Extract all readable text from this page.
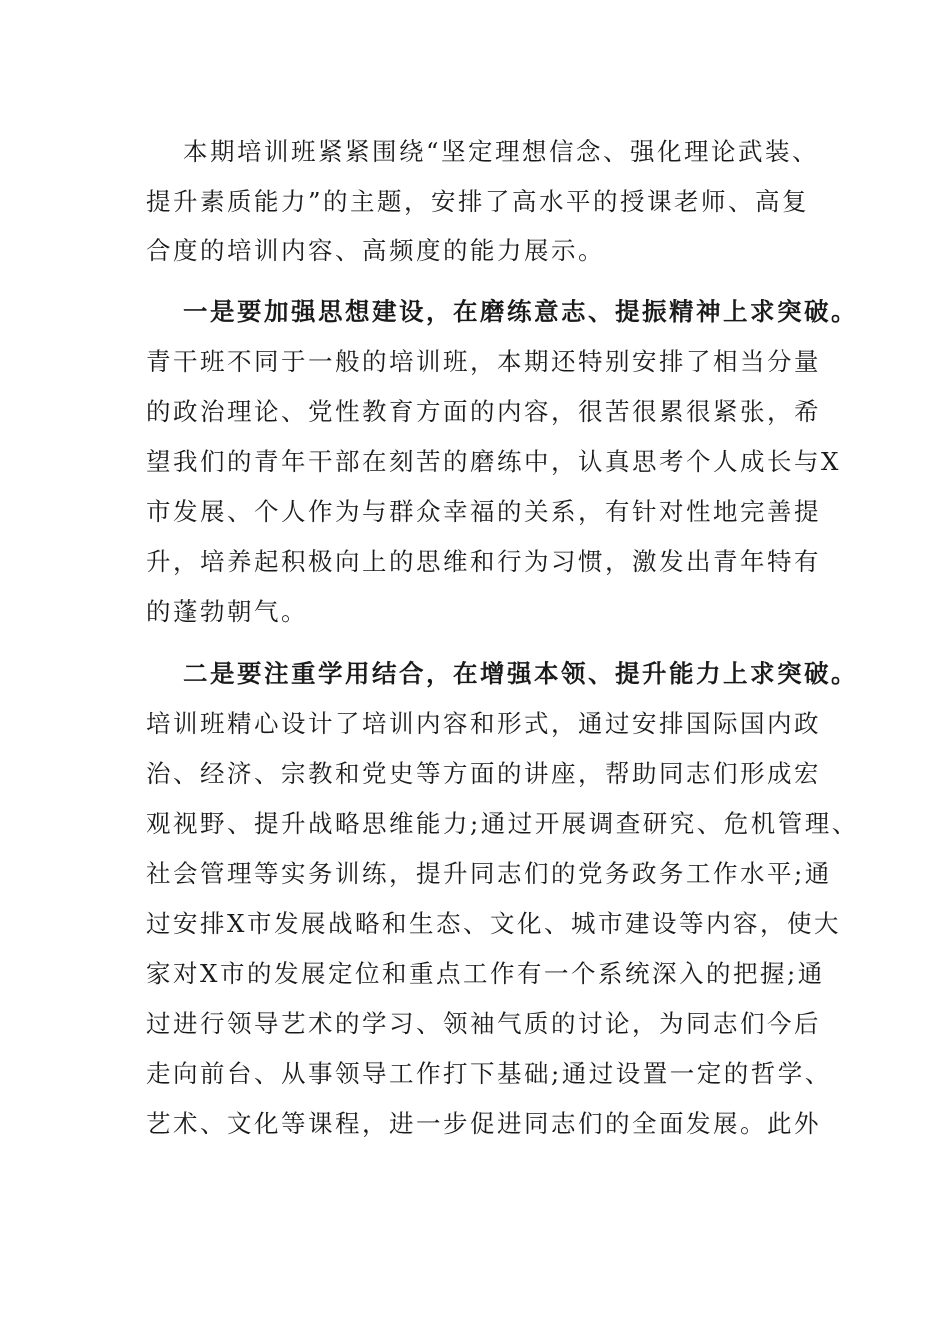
本期培训班紧紧围绕“坚定理想信念、强化理论武装、

提升素质能力”的主题，安排了高水平的授课老师、高复

合度的培训内容、高频度的能力展示。

一是要加强思想建设，在磨练意志、提振精神上求突破。

青干班不同于一般的培训班，本期还特别安排了相当分量

的政治理论、党性教育方面的内容，很苦很累很紧张，希

望我们的青年干部在刻苦的磨练中，认真思考个人成长与X

市发展、个人作为与群众幸福的关系，有针对性地完善提

升，培养起积极向上的思维和行为习惯，激发出青年特有

的蓬勃朝气。

二是要注重学用结合，在增强本领、提升能力上求突破。

培训班精心设计了培训内容和形式，通过安排国际国内政

治、经济、宗教和党史等方面的讲座，帮助同志们形成宏

观视野、提升战略思维能力;通过开展调查研究、危机管理、

社会管理等实务训练，提升同志们的党务政务工作水平;通

过安排X市发展战略和生态、文化、城市建设等内容，使大

家对X市的发展定位和重点工作有一个系统深入的把握;通

过进行领导艺术的学习、领袖气质的讨论，为同志们今后

走向前台、从事领导工作打下基础;通过设置一定的哲学、

艺术、文化等课程，进一步促进同志们的全面发展。此外
